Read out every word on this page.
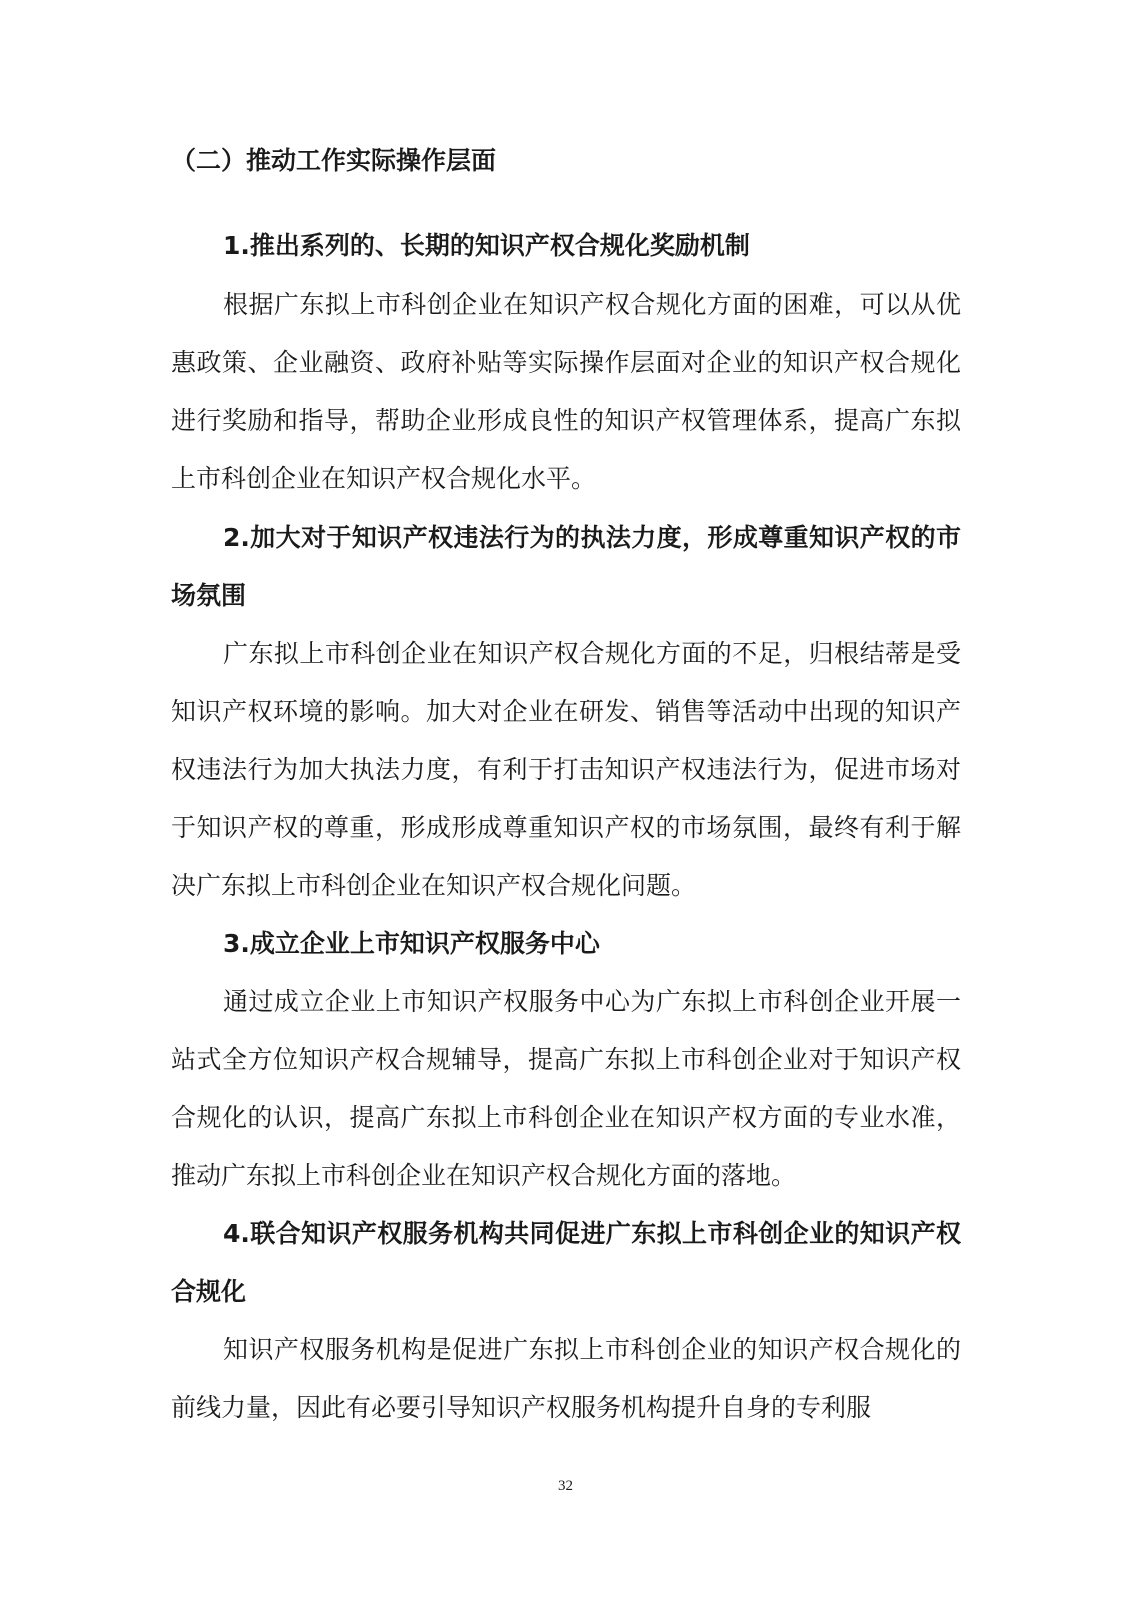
（二）推动工作实际操作层面
1.推出系列的、长期的知识产权合规化奖励机制
根据广东拟上市科创企业在知识产权合规化方面的困难，可以从优惠政策、企业融资、政府补贴等实际操作层面对企业的知识产权合规化进行奖励和指导，帮助企业形成良性的知识产权管理体系，提高广东拟上市科创企业在知识产权合规化水平。
2.加大对于知识产权违法行为的执法力度，形成尊重知识产权的市场氛围
广东拟上市科创企业在知识产权合规化方面的不足，归根结蒂是受知识产权环境的影响。加大对企业在研发、销售等活动中出现的知识产权违法行为加大执法力度，有利于打击知识产权违法行为，促进市场对于知识产权的尊重，形成形成尊重知识产权的市场氛围，最终有利于解决广东拟上市科创企业在知识产权合规化问题。
3.成立企业上市知识产权服务中心
通过成立企业上市知识产权服务中心为广东拟上市科创企业开展一站式全方位知识产权合规辅导，提高广东拟上市科创企业对于知识产权合规化的认识，提高广东拟上市科创企业在知识产权方面的专业水准，推动广东拟上市科创企业在知识产权合规化方面的落地。
4.联合知识产权服务机构共同促进广东拟上市科创企业的知识产权合规化
知识产权服务机构是促进广东拟上市科创企业的知识产权合规化的前线力量，因此有必要引导知识产权服务机构提升自身的专利服
32
